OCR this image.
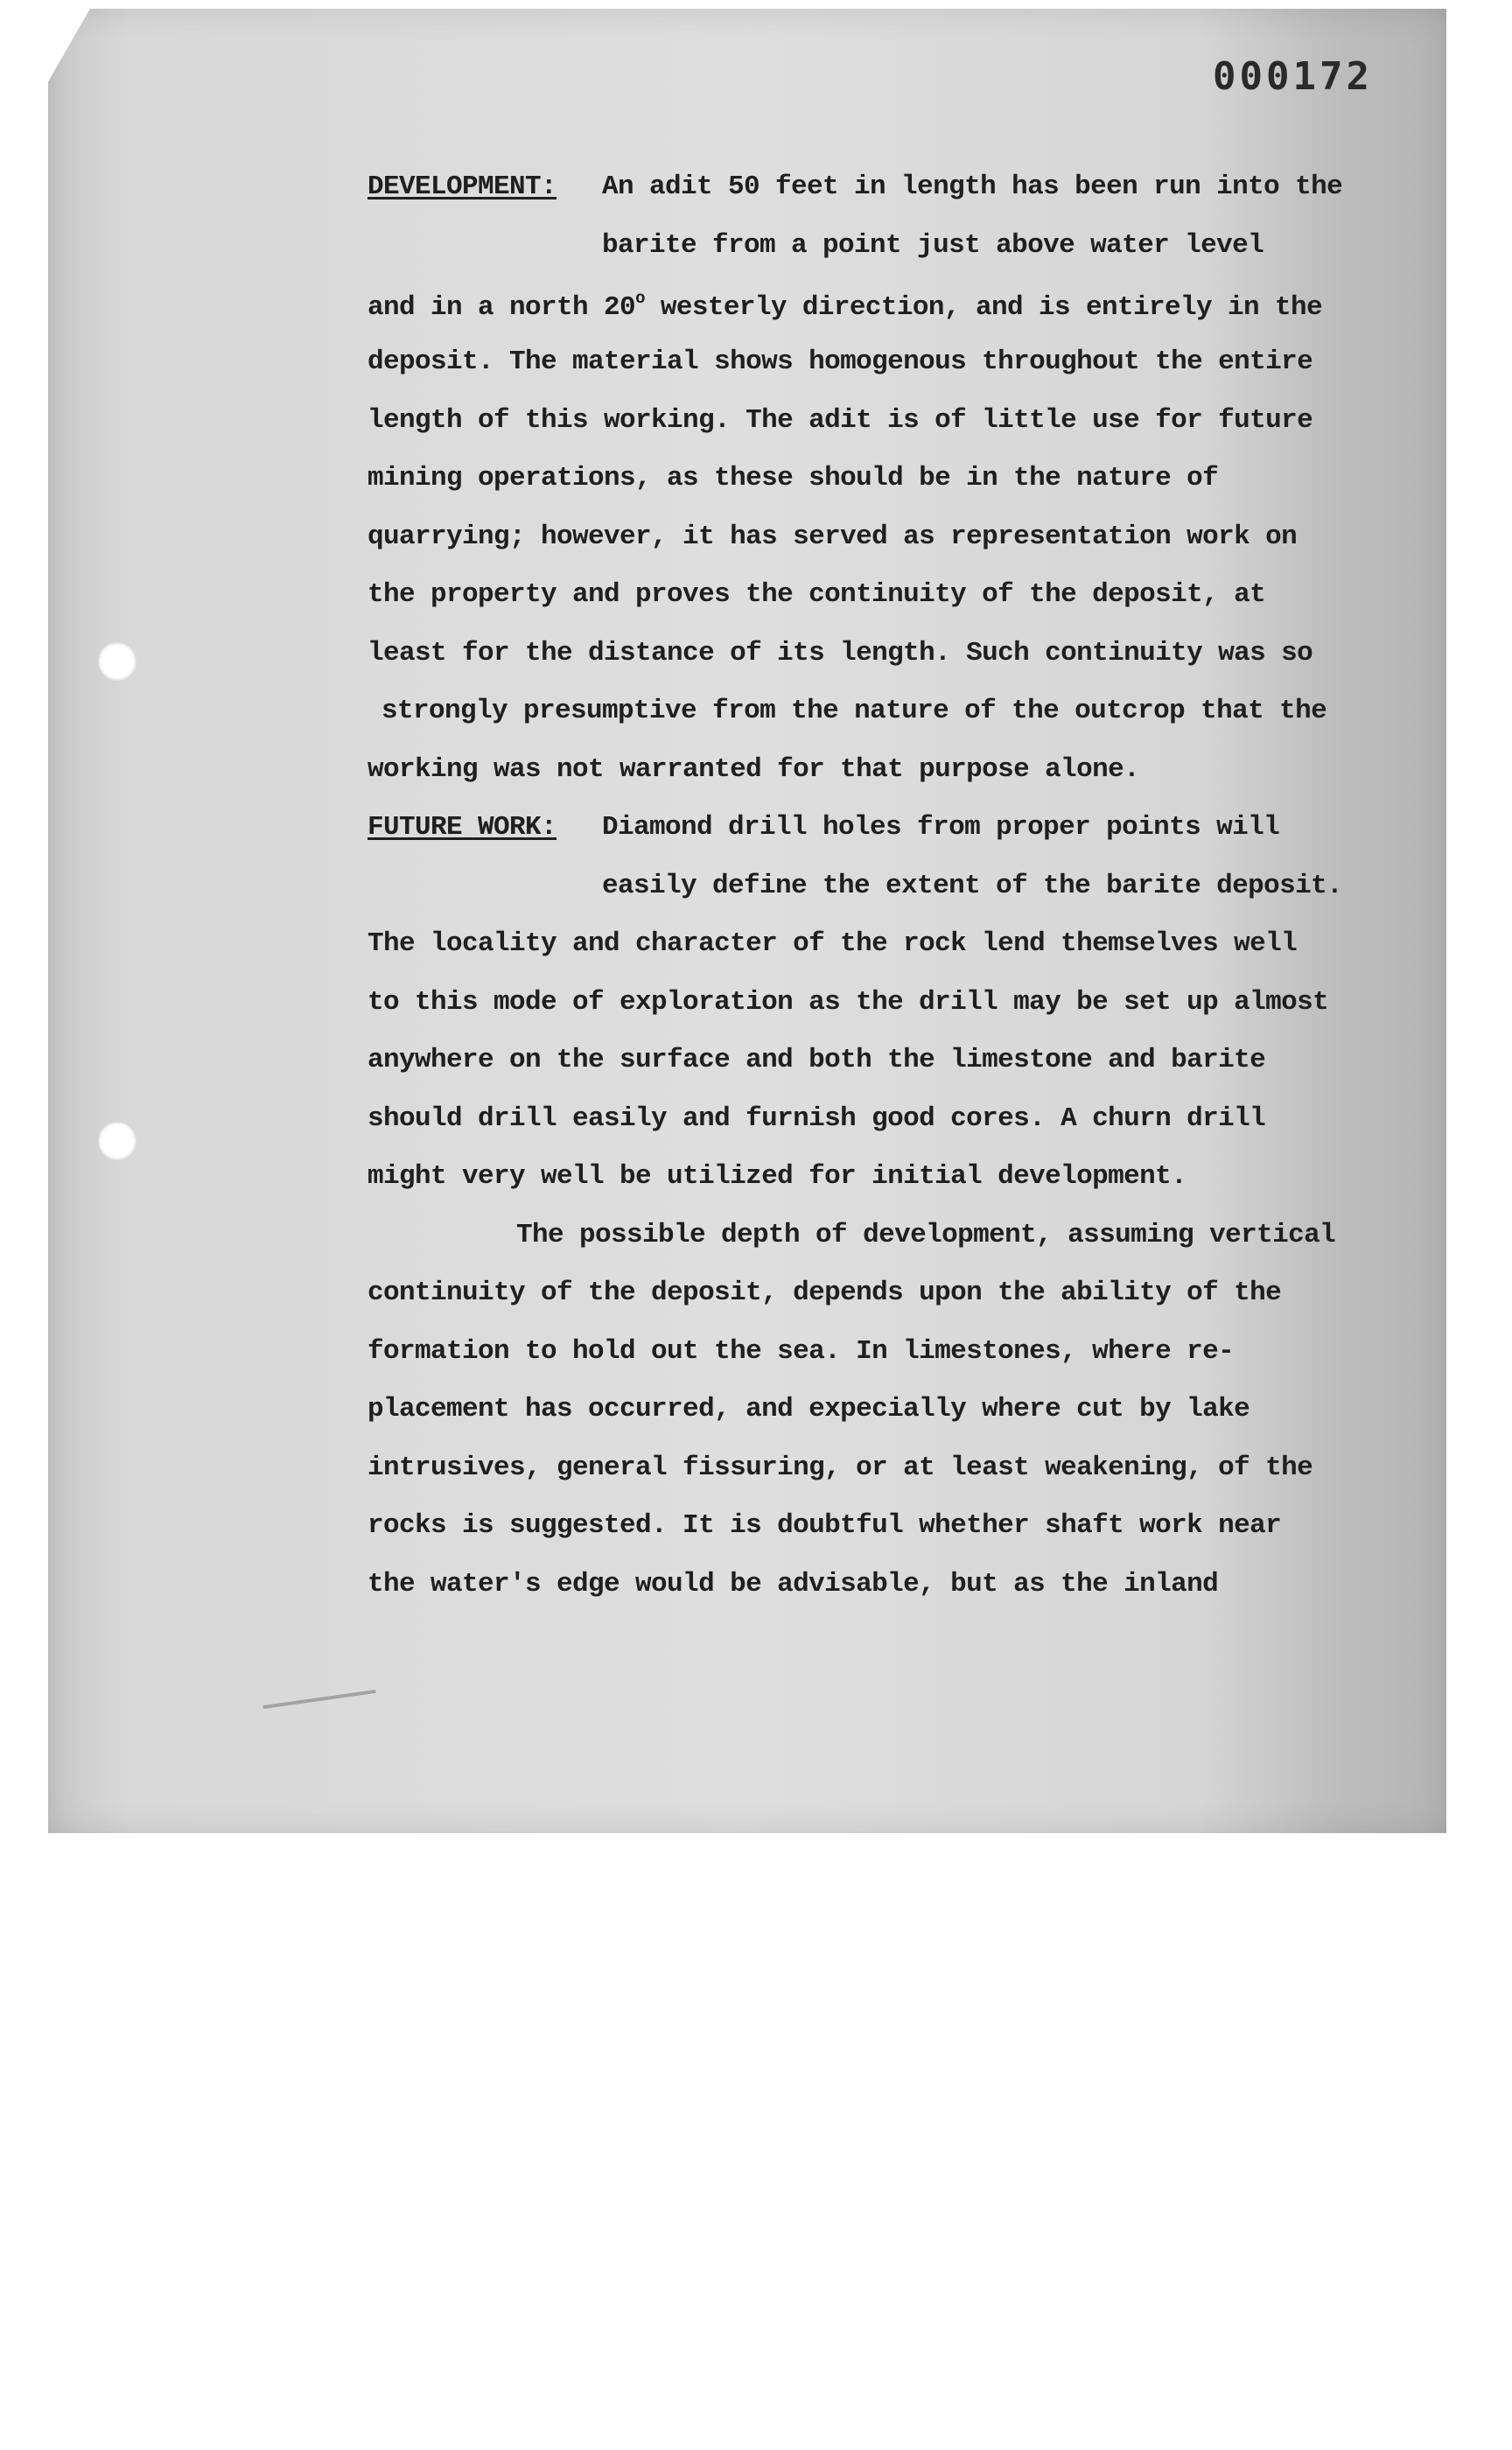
000172
DEVELOPMENT: An adit 50 feet in length has been run into the
barite from a point just above water level
and in a north 20$^o$ westerly direction, and is entirely in the
deposit. The material shows homogenous throughout the entire
length of this working. The adit is of little use for future
mining operations, as these should be in the nature of
quarrying; however, it has served as representation work on
the property and proves the continuity of the deposit, at
least for the distance of its length. Such continuity was so
strongly presumptive from the nature of the outcrop that the
working was not warranted for that purpose alone.
FUTURE WORK: Diamond drill holes from proper points will
easily define the extent of the barite deposit.
The locality and character of the rock lend themselves well
to this mode of exploration as the drill may be set up almost
anywhere on the surface and both the limestone and barite
should drill easily and furnish good cores. A churn drill
might very well be utilized for initial development.
The possible depth of development, assuming vertical
continuity of the deposit, depends upon the ability of the
formation to hold out the sea. In limestones, where re-
placement has occurred, and expecially where cut by lake
intrusives, general fissuring, or at least weakening, of the
rocks is suggested. It is doubtful whether shaft work near
the water's edge would be advisable, but as the inland
